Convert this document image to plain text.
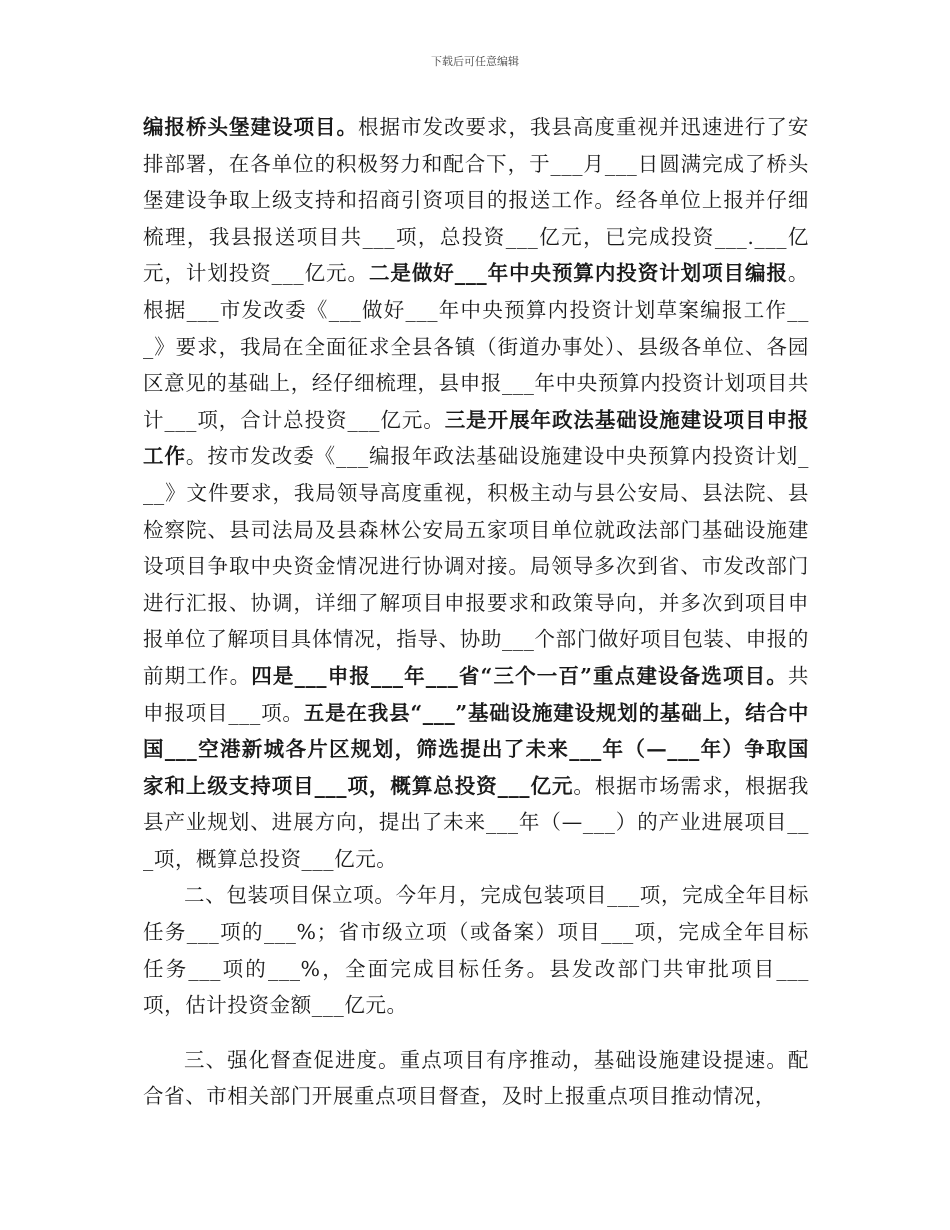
下载后可任意编辑

编报桥头堡建设项目。根据市发改要求，我县高度重视并迅速进行了安排部署，在各单位的积极努力和配合下，于___月___日圆满完成了桥头堡建设争取上级支持和招商引资项目的报送工作。经各单位上报并仔细梳理，我县报送项目共___项，总投资___亿元，已完成投资___.___亿元，计划投资___亿元。二是做好___年中央预算内投资计划项目编报。根据___市发改委《___做好___年中央预算内投资计划草案编报工作___》要求，我局在全面征求全县各镇（街道办事处）、县级各单位、各园区意见的基础上，经仔细梳理，县申报___年中央预算内投资计划项目共计___项，合计总投资___亿元。三是开展年政法基础设施建设项目申报工作。按市发改委《___编报年政法基础设施建设中央预算内投资计划___》文件要求，我局领导高度重视，积极主动与县公安局、县法院、县检察院、县司法局及县森林公安局五家项目单位就政法部门基础设施建设项目争取中央资金情况进行协调对接。局领导多次到省、市发改部门进行汇报、协调，详细了解项目申报要求和政策导向，并多次到项目申报单位了解项目具体情况，指导、协助___个部门做好项目包装、申报的前期工作。四是___申报___年___省“三个一百”重点建设备选项目。共申报项目___项。五是在我县“___”基础设施建设规划的基础上，结合中国___空港新城各片区规划，筛选提出了未来___年（—___年）争取国家和上级支持项目___项，概算总投资___亿元。根据市场需求，根据我县产业规划、进展方向，提出了未来___年（—___）的产业进展项目___项，概算总投资___亿元。

二、包装项目保立项。今年月，完成包装项目___项，完成全年目标任务___项的___%；省市级立项（或备案）项目___项，完成全年目标任务___项的___%，全面完成目标任务。县发改部门共审批项目___项，估计投资金额___亿元。

三、强化督查促进度。重点项目有序推动，基础设施建设提速。配合省、市相关部门开展重点项目督查，及时上报重点项目推动情况，
